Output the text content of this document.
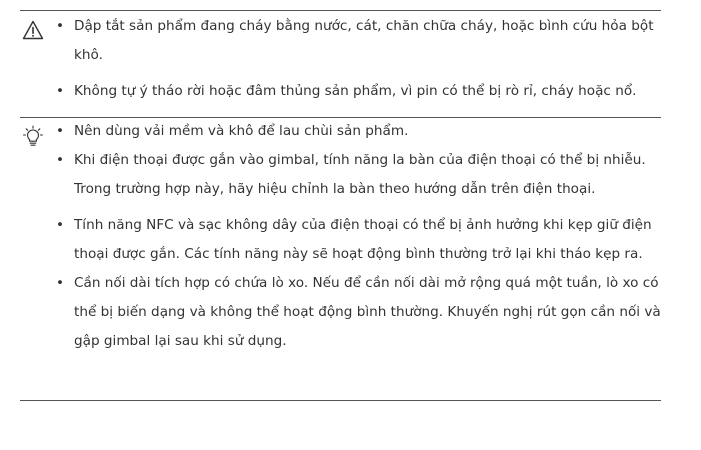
• Dập tắt sản phẩm đang cháy bằng nước, cát, chăn chữa cháy, hoặc bình cứu hỏa bột khô.
• Không tự ý tháo rời hoặc đâm thủng sản phẩm, vì pin có thể bị rò rỉ, cháy hoặc nổ.
• Nên dùng vải mềm và khô để lau chùi sản phẩm.
• Khi điện thoại được gắn vào gimbal, tính năng la bàn của điện thoại có thể bị nhiễu. Trong trường hợp này, hãy hiệu chỉnh la bàn theo hướng dẫn trên điện thoại.
• Tính năng NFC và sạc không dây của điện thoại có thể bị ảnh hưởng khi kẹp giữ điện thoại được gắn. Các tính năng này sẽ hoạt động bình thường trở lại khi tháo kẹp ra.
• Cần nối dài tích hợp có chứa lò xo. Nếu để cần nối dài mở rộng quá một tuần, lò xo có thể bị biến dạng và không thể hoạt động bình thường. Khuyến nghị rút gọn cần nối và gập gimbal lại sau khi sử dụng.
